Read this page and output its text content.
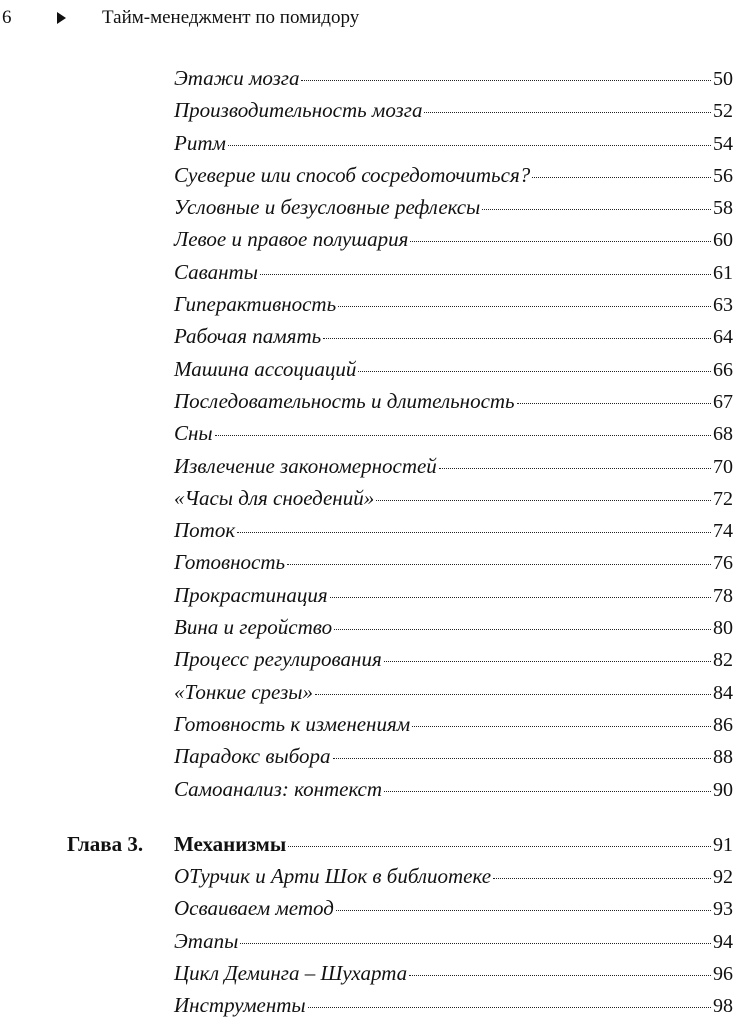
6	Тайм-менеджмент по помидору
Этажи мозга	50
Производительность мозга	52
Ритм	54
Суеверие или способ сосредоточиться?	56
Условные и безусловные рефлексы	58
Левое и правое полушария	60
Саванты	61
Гиперактивность	63
Рабочая память	64
Машина ассоциаций	66
Последовательность и длительность	67
Сны	68
Извлечение закономерностей	70
«Часы для сноедений»	72
Поток	74
Готовность	76
Прокрастинация	78
Вина и геройство	80
Процесс регулирования	82
«Тонкие срезы»	84
Готовность к изменениям	86
Парадокс выбора	88
Самоанализ: контекст	90
Глава 3. Механизмы	91
ОТурчик и Арти Шок в библиотеке	92
Осваиваем метод	93
Этапы	94
Цикл Деминга – Шухарта	96
Инструменты	98
